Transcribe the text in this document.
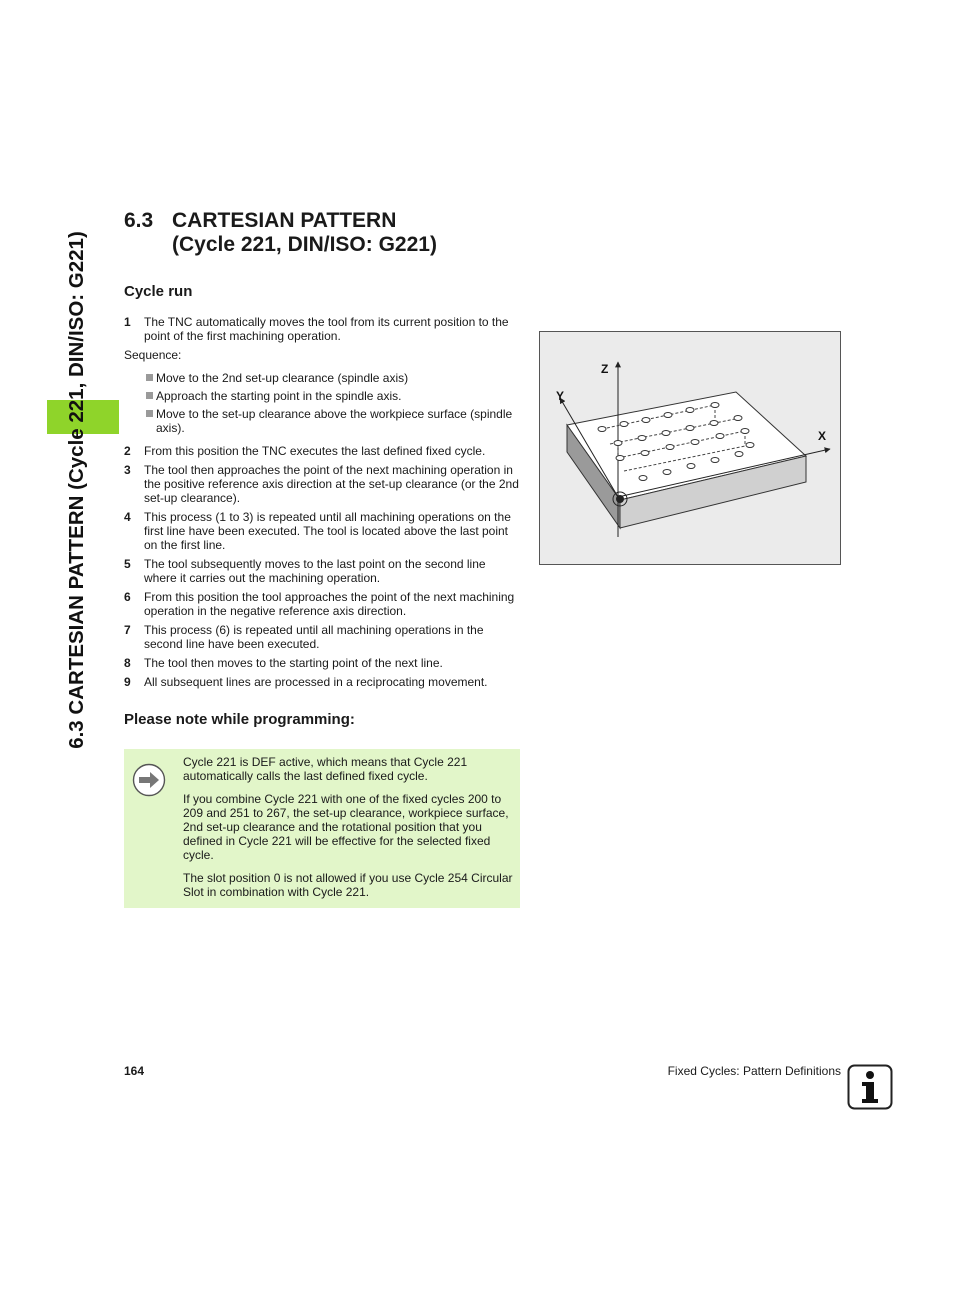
6.3 CARTESIAN PATTERN (Cycle 221, DIN/ISO: G221)
6.3 CARTESIAN PATTERN
(Cycle 221, DIN/ISO: G221)
Cycle run

1 The TNC automatically moves the tool from its current position to the point of the first machining operation.

Sequence:

Move to the 2nd set-up clearance (spindle axis)

Approach the starting point in the spindle axis.

Move to the set-up clearance above the workpiece surface (spindle axis).

2 From this position the TNC executes the last defined fixed cycle.

3 The tool then approaches the point of the next machining operation in the positive reference axis direction at the set-up clearance (or the 2nd set-up clearance).

4 This process (1 to 3) is repeated until all machining operations on the first line have been executed. The tool is located above the last point on the first line.

5 The tool subsequently moves to the last point on the second line where it carries out the machining operation.

6 From this position the tool approaches the point of the next machining operation in the negative reference axis direction.

7 This process (6) is repeated until all machining operations in the second line have been executed.

8 The tool then moves to the starting point of the next line.

9 All subsequent lines are processed in a reciprocating movement.

Please note while programming:

Cycle 221 is DEF active, which means that Cycle 221 automatically calls the last defined fixed cycle.

If you combine Cycle 221 with one of the fixed cycles 200 to 209 and 251 to 267, the set-up clearance, workpiece surface, 2nd set-up clearance and the rotational position that you defined in Cycle 221 will be effective for the selected fixed cycle.

The slot position 0 is not allowed if you use Cycle 254 Circular Slot in combination with Cycle 221.

Z
Y
X
164	Fixed Cycles: Pattern Definitions
